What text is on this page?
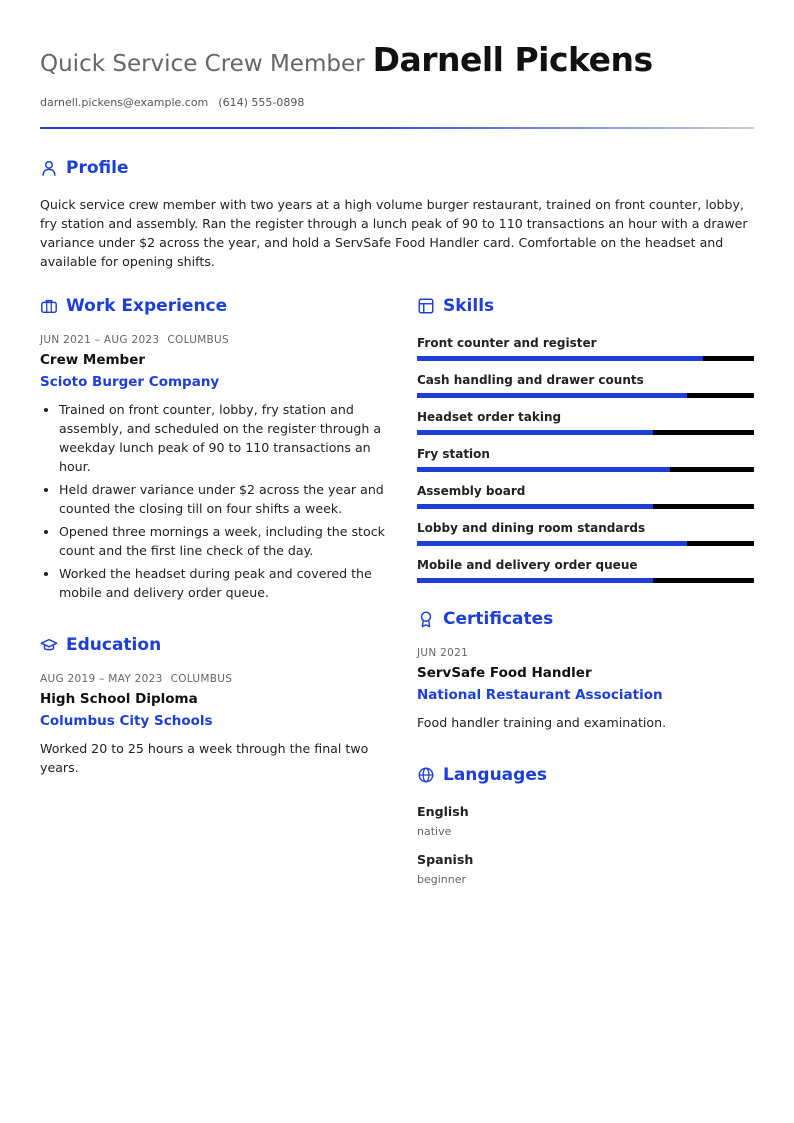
Quick Service Crew Member Darnell Pickens
darnell.pickens@example.com (614) 555-0898
Profile
Quick service crew member with two years at a high volume burger restaurant, trained on front counter, lobby, fry station and assembly. Ran the register through a lunch peak of 90 to 110 transactions an hour with a drawer variance under $2 across the year, and hold a ServSafe Food Handler card. Comfortable on the headset and available for opening shifts.
Work Experience
JUN 2021 – AUG 2023 COLUMBUS
Crew Member
Scioto Burger Company
• Trained on front counter, lobby, fry station and assembly, and scheduled on the register through a weekday lunch peak of 90 to 110 transactions an hour.
• Held drawer variance under $2 across the year and counted the closing till on four shifts a week.
• Opened three mornings a week, including the stock count and the first line check of the day.
• Worked the headset during peak and covered the mobile and delivery order queue.
Education
AUG 2019 – MAY 2023 COLUMBUS
High School Diploma
Columbus City Schools
Worked 20 to 25 hours a week through the final two years.
Skills
Front counter and register
Cash handling and drawer counts
Headset order taking
Fry station
Assembly board
Lobby and dining room standards
Mobile and delivery order queue
Certificates
JUN 2021
ServSafe Food Handler
National Restaurant Association
Food handler training and examination.
Languages
English
native
Spanish
beginner
